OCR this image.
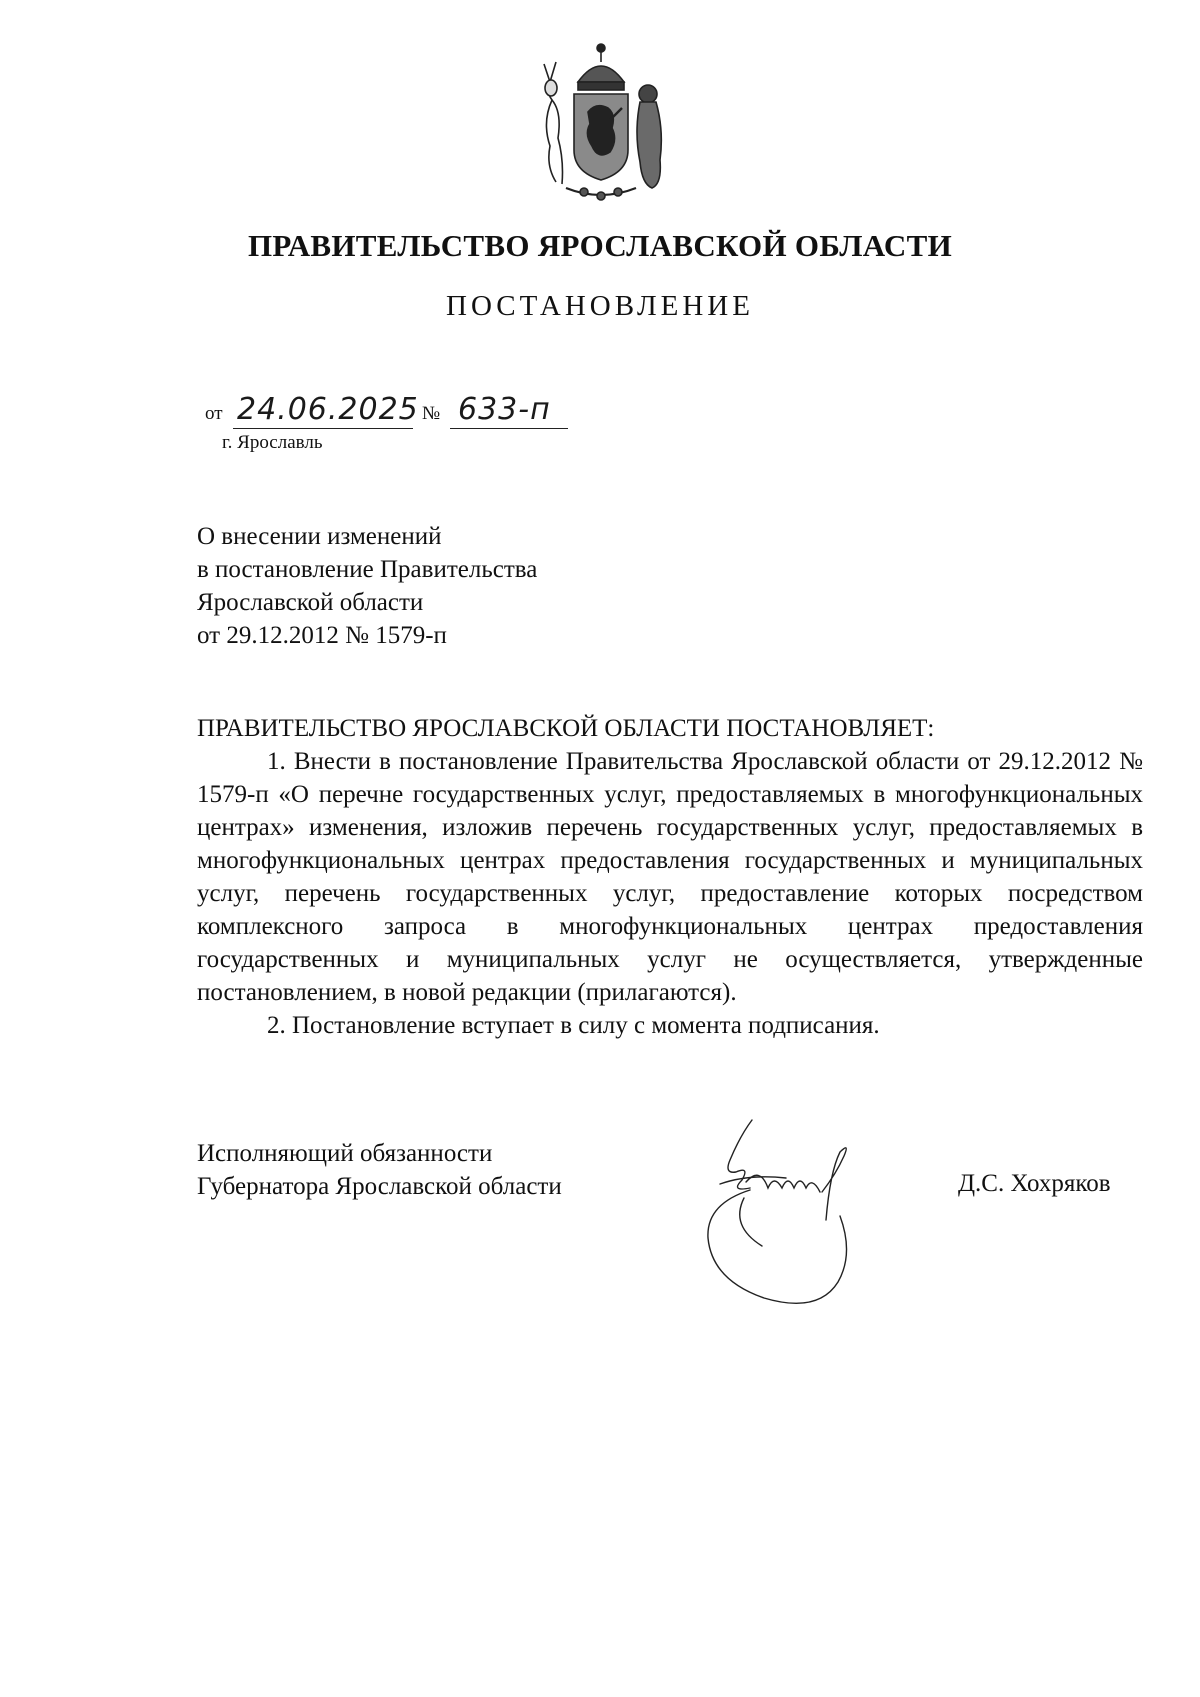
ПРАВИТЕЛЬСТВО ЯРОСЛАВСКОЙ ОБЛАСТИ
ПОСТАНОВЛЕНИЕ
от 24.06.2025 № 633-п
г. Ярославль
О внесении изменений
в постановление Правительства
Ярославской области
от 29.12.2012 № 1579-п
ПРАВИТЕЛЬСТВО ЯРОСЛАВСКОЙ ОБЛАСТИ ПОСТАНОВЛЯЕТ:

1. Внести в постановление Правительства Ярославской области от 29.12.2012 № 1579-п «О перечне государственных услуг, предоставляемых в многофункциональных центрах» изменения, изложив перечень государственных услуг, предоставляемых в многофункциональных центрах предоставления государственных и муниципальных услуг, перечень государственных услуг, предоставление которых посредством комплексного запроса в многофункциональных центрах предоставления государственных и муниципальных услуг не осуществляется, утвержденные постановлением, в новой редакции (прилагаются).

2. Постановление вступает в силу с момента подписания.

Исполняющий обязанности
Губернатора Ярославской области	Д.С. Хохряков
